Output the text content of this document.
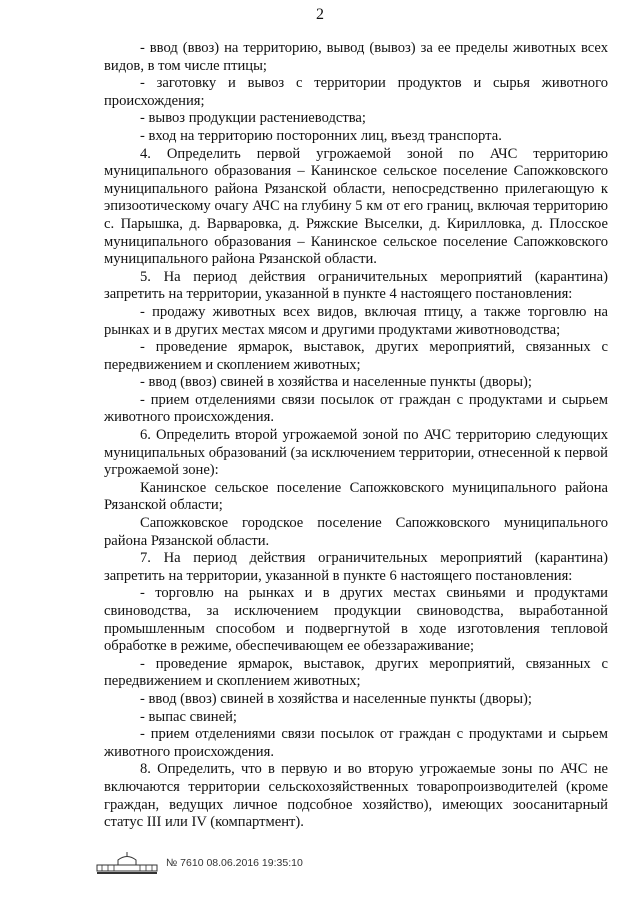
2

- ввод (ввоз) на территорию, вывод (вывоз) за ее пределы животных всех видов, в том числе птицы;

- заготовку и вывоз с территории продуктов и сырья животного происхождения;

- вывоз продукции растениеводства;

- вход на территорию посторонних лиц, въезд транспорта.

4. Определить первой угрожаемой зоной по АЧС территорию муниципального образования – Канинское сельское поселение Сапожковского муниципального района Рязанской области, непосредственно прилегающую к эпизоотическому очагу АЧС на глубину 5 км от его границ, включая территорию с. Парышка, д. Варваровка, д. Ряжские Выселки, д. Кирилловка, д. Плосское муниципального образования – Канинское сельское поселение Сапожковского муниципального района Рязанской области.

5. На период действия ограничительных мероприятий (карантина) запретить на территории, указанной в пункте 4 настоящего постановления:

- продажу животных всех видов, включая птицу, а также торговлю на рынках и в других местах мясом и другими продуктами животноводства;

- проведение ярмарок, выставок, других мероприятий, связанных с передвижением и скоплением животных;

- ввод (ввоз) свиней в хозяйства и населенные пункты (дворы);

- прием отделениями связи посылок от граждан с продуктами и сырьем животного происхождения.

6. Определить второй угрожаемой зоной по АЧС территорию следующих муниципальных образований (за исключением территории, отнесенной к первой угрожаемой зоне):

Канинское сельское поселение Сапожковского муниципального района Рязанской области;

Сапожковское городское поселение Сапожковского муниципального района Рязанской области.

7. На период действия ограничительных мероприятий (карантина) запретить на территории, указанной в пункте 6 настоящего постановления:

- торговлю на рынках и в других местах свиньями и продуктами свиноводства, за исключением продукции свиноводства, выработанной промышленным способом и подвергнутой в ходе изготовления тепловой обработке в режиме, обеспечивающем ее обеззараживание;

- проведение ярмарок, выставок, других мероприятий, связанных с передвижением и скоплением животных;

- ввод (ввоз) свиней в хозяйства и населенные пункты (дворы);

- выпас свиней;

- прием отделениями связи посылок от граждан с продуктами и сырьем животного происхождения.

8. Определить, что в первую и во вторую угрожаемые зоны по АЧС не включаются территории сельскохозяйственных товаропроизводителей (кроме граждан, ведущих личное подсобное хозяйство), имеющих зоосанитарный статус III или IV (компартмент).

№ 7610 08.06.2016 19:35:10
